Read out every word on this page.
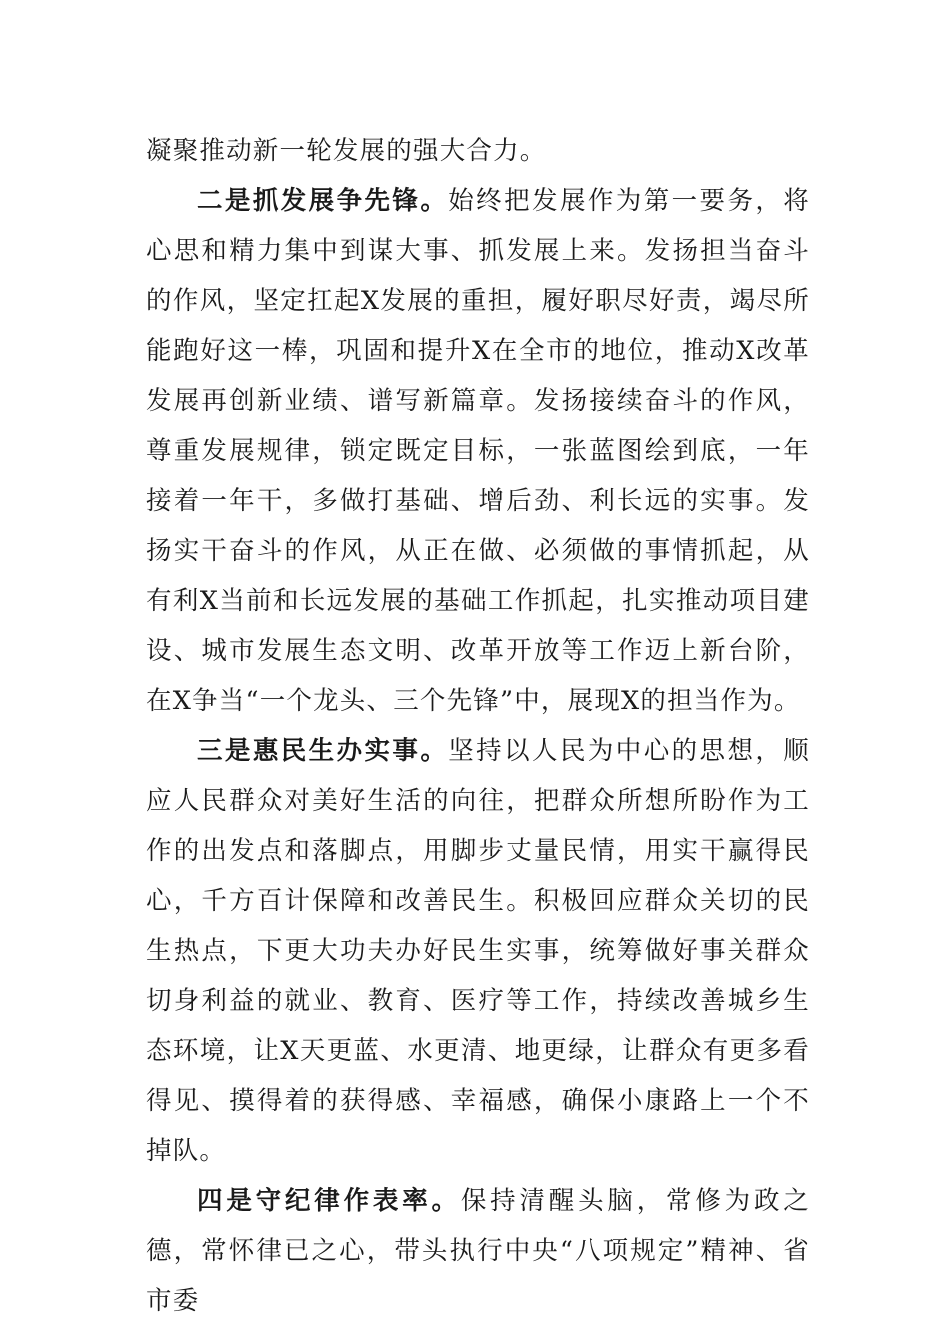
凝聚推动新一轮发展的强大合力。

二是抓发展争先锋。始终把发展作为第一要务，将心思和精力集中到谋大事、抓发展上来。发扬担当奋斗的作风，坚定扛起X发展的重担，履好职尽好责，竭尽所能跑好这一棒，巩固和提升X在全市的地位，推动X改革发展再创新业绩、谱写新篇章。发扬接续奋斗的作风，尊重发展规律，锁定既定目标，一张蓝图绘到底，一年接着一年干，多做打基础、增后劲、利长远的实事。发扬实干奋斗的作风，从正在做、必须做的事情抓起，从有利X当前和长远发展的基础工作抓起，扎实推动项目建设、城市发展生态文明、改革开放等工作迈上新台阶，在X争当“一个龙头、三个先锋”中，展现X的担当作为。

三是惠民生办实事。坚持以人民为中心的思想，顺应人民群众对美好生活的向往，把群众所想所盼作为工作的出发点和落脚点，用脚步丈量民情，用实干赢得民心，千方百计保障和改善民生。积极回应群众关切的民生热点，下更大功夫办好民生实事，统筹做好事关群众切身利益的就业、教育、医疗等工作，持续改善城乡生态环境，让X天更蓝、水更清、地更绿，让群众有更多看得见、摸得着的获得感、幸福感，确保小康路上一个不掉队。

四是守纪律作表率。保持清醒头脑，常修为政之德，常怀律已之心，带头执行中央“八项规定”精神、省市委
